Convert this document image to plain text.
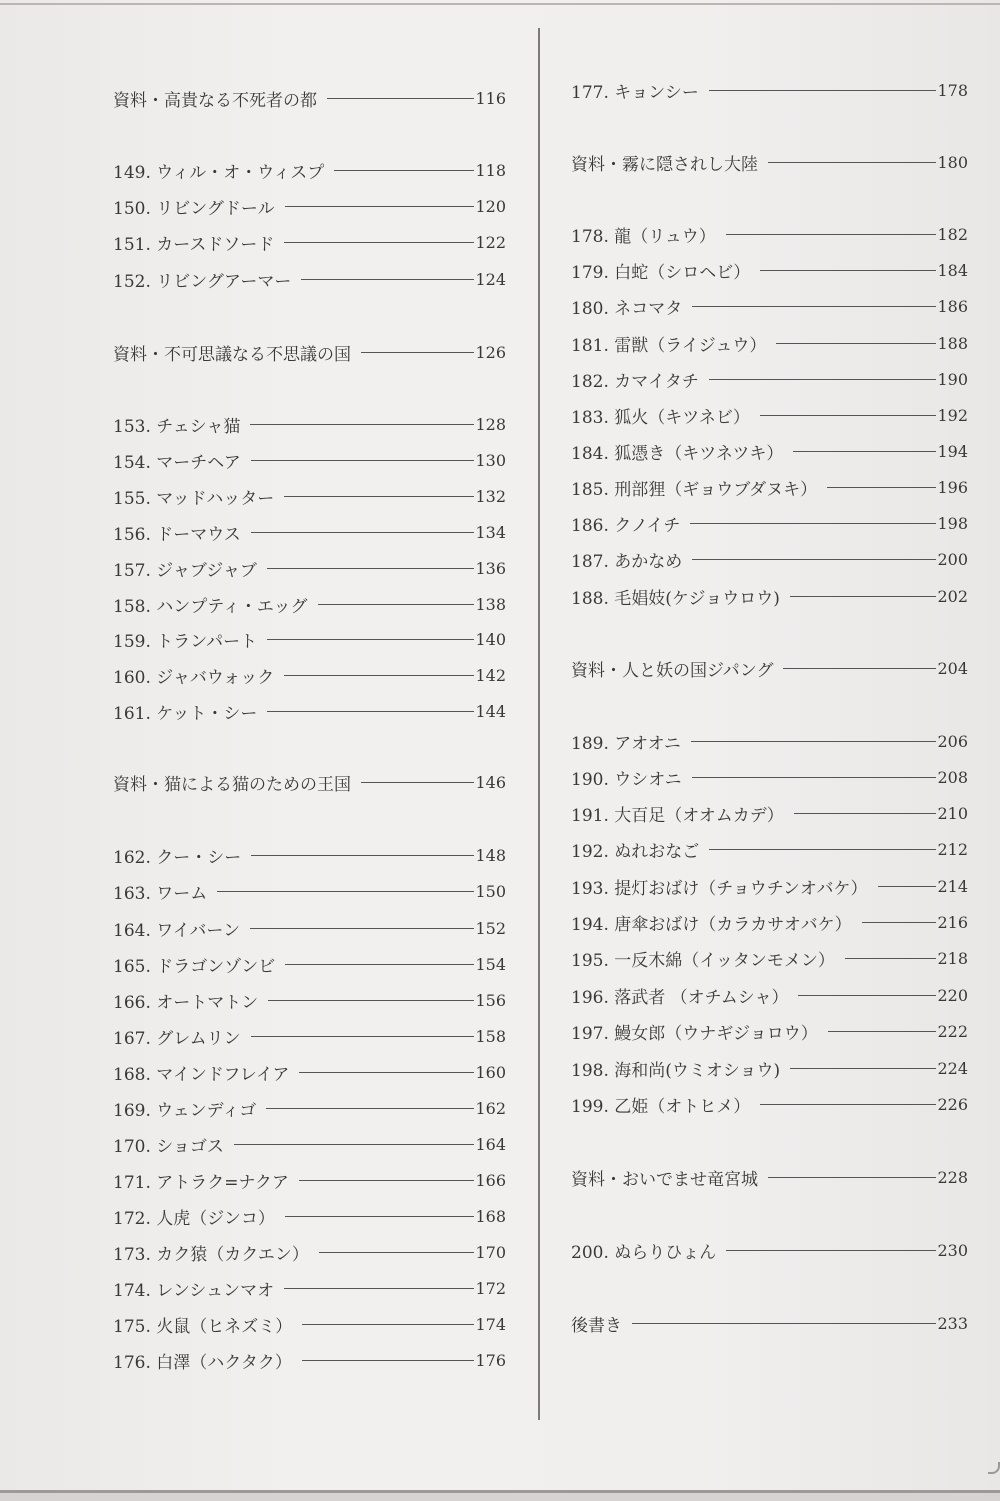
資料・高貴なる不死者の都	116
149. ウィル・オ・ウィスプ	118
150. リビングドール	120
151. カースドソード	122
152. リビングアーマー	124
資料・不可思議なる不思議の国	126
153. チェシャ猫	128
154. マーチヘア	130
155. マッドハッター	132
156. ドーマウス	134
157. ジャブジャブ	136
158. ハンプティ・エッグ	138
159. トランパート	140
160. ジャバウォック	142
161. ケット・シー	144
資料・猫による猫のための王国	146
162. クー・シー	148
163. ワーム	150
164. ワイバーン	152
165. ドラゴンゾンビ	154
166. オートマトン	156
167. グレムリン	158
168. マインドフレイア	160
169. ウェンディゴ	162
170. ショゴス	164
171. アトラク=ナクア	166
172. 人虎（ジンコ）	168
173. カク猿（カクエン）	170
174. レンシュンマオ	172
175. 火鼠（ヒネズミ）	174
176. 白澤（ハクタク）	176
177. キョンシー	178
資料・霧に隠されし大陸	180
178. 龍（リュウ）	182
179. 白蛇（シロヘビ）	184
180. ネコマタ	186
181. 雷獣（ライジュウ）	188
182. カマイタチ	190
183. 狐火（キツネビ）	192
184. 狐憑き（キツネツキ）	194
185. 刑部狸（ギョウブダヌキ）	196
186. クノイチ	198
187. あかなめ	200
188. 毛娼妓(ケジョウロウ)	202
資料・人と妖の国ジパング	204
189. アオオニ	206
190. ウシオニ	208
191. 大百足（オオムカデ）	210
192. ぬれおなご	212
193. 提灯おばけ（チョウチンオバケ）	214
194. 唐傘おばけ（カラカサオバケ）	216
195. 一反木綿（イッタンモメン）	218
196. 落武者 （オチムシャ）	220
197. 鰻女郎（ウナギジョロウ）	222
198. 海和尚(ウミオショウ)	224
199. 乙姫（オトヒメ）	226
資料・おいでませ竜宮城	228
200. ぬらりひょん	230
後書き	233
